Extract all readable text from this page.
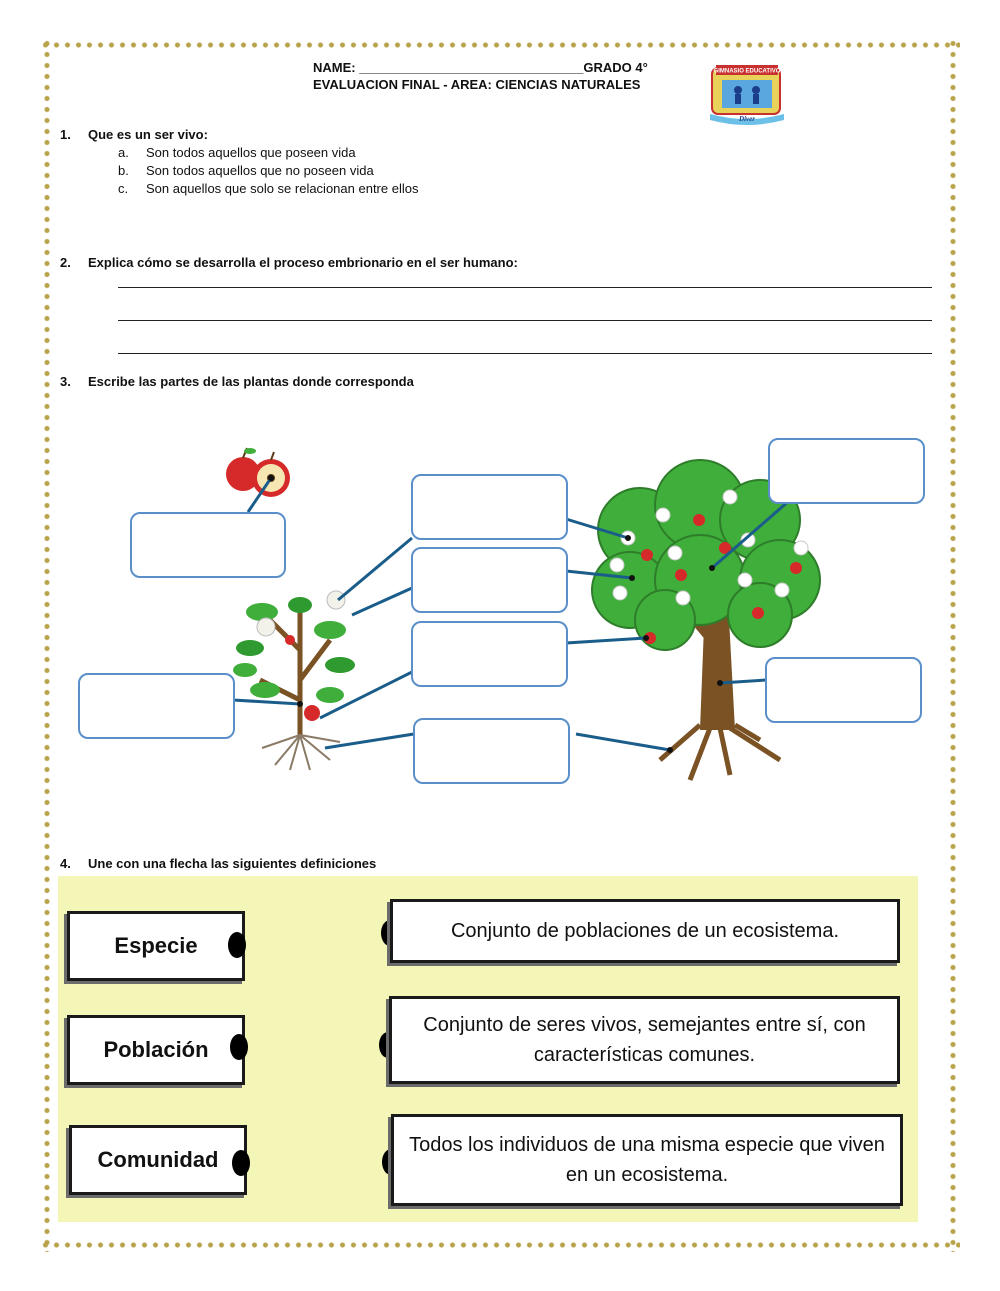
NAME: _______________________________GRADO 4°
EVALUACION FINAL - AREA: CIENCIAS NATURALES
GIMNASIO EDUCATIVO
Diver
1. Que es un ser vivo:
a. Son todos aquellos que poseen vida
b. Son todos aquellos que no poseen vida
c. Son aquellos que solo se relacionan entre ellos
2. Explica cómo se desarrolla el proceso embrionario en el ser humano:
3. Escribe las partes de las plantas donde corresponda
4. Une con una flecha las siguientes definiciones
Especie
Población
Comunidad
Conjunto de poblaciones de un ecosistema.
Conjunto de seres vivos, semejantes entre sí, con características comunes.
Todos los individuos de una misma especie que viven en un ecosistema.
